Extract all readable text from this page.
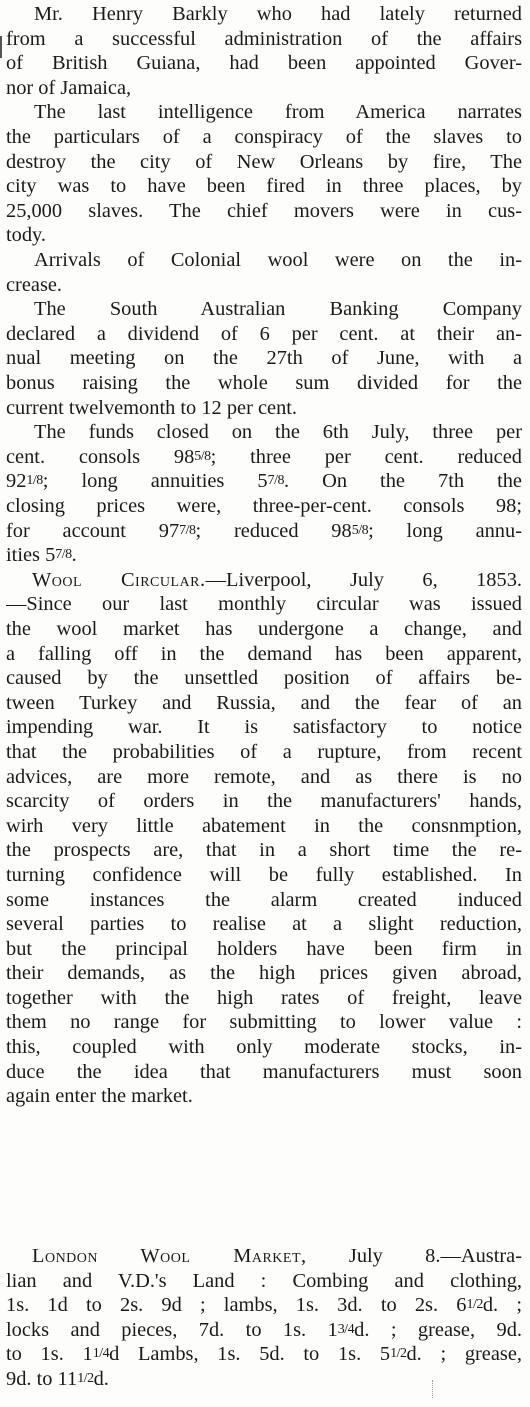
Mr. Henry Barkly who had lately returned
from a successful administration of the affairs
of British Guiana, had been appointed Gover-
nor of Jamaica,
The last intelligence from America narrates
the particulars of a conspiracy of the slaves to
destroy the city of New Orleans by fire, The
city was to have been fired in three places, by
25,000 slaves. The chief movers were in cus-
tody.
Arrivals of Colonial wool were on the in-
crease.
The South Australian Banking Company
declared a dividend of 6 per cent. at their an-
nual meeting on the 27th of June, with a
bonus raising the whole sum divided for the
current twelvemonth to 12 per cent.
The funds closed on the 6th July, three per
cent. consols 985/8; three per cent. reduced
921/8; long annuities 57/8. On the 7th the
closing prices were, three-per-cent. consols 98;
for account 977/8; reduced 985/8; long annu-
ities 57/8.
Wool Circular.—Liverpool, July 6, 1853.
—Since our last monthly circular was issued
the wool market has undergone a change, and
a falling off in the demand has been apparent,
caused by the unsettled position of affairs be-
tween Turkey and Russia, and the fear of an
impending war. It is satisfactory to notice
that the probabilities of a rupture, from recent
advices, are more remote, and as there is no
scarcity of orders in the manufacturers' hands,
wirh very little abatement in the consnmption,
the prospects are, that in a short time the re-
turning confidence will be fully established. In
some instances the alarm created induced
several parties to realise at a slight reduction,
but the principal holders have been firm in
their demands, as the high prices given abroad,
together with the high rates of freight, leave
them no range for submitting to lower value :
this, coupled with only moderate stocks, in-
duce the idea that manufacturers must soon
again enter the market.
London Wool Market, July 8.—Austra-
lian and V.D.'s Land : Combing and clothing,
1s. 1d to 2s. 9d ; lambs, 1s. 3d. to 2s. 61/2d. ;
locks and pieces, 7d. to 1s. 13/4d. ; grease, 9d.
to 1s. 11/4d Lambs, 1s. 5d. to 1s. 51/2d. ; grease,
9d. to 111/2d.
